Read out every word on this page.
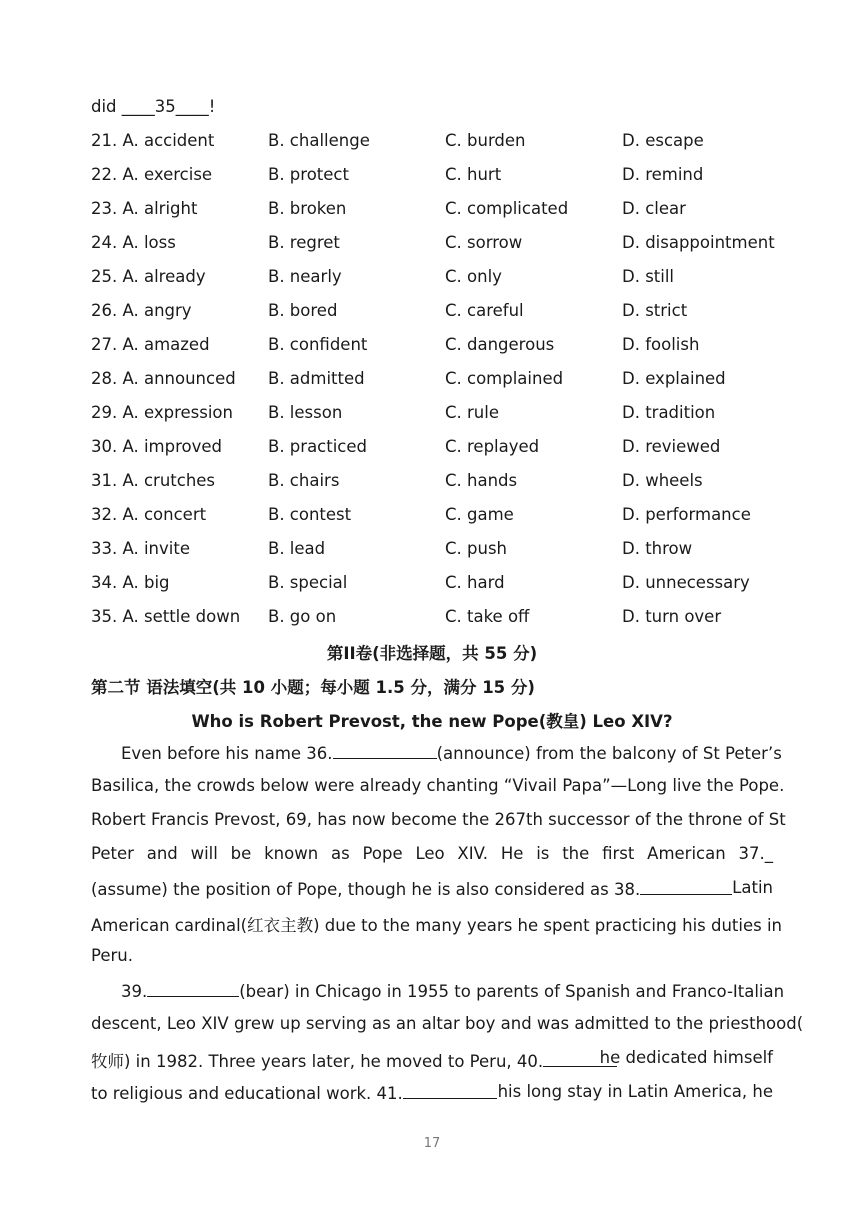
did ____35____!
21. A. accident	B. challenge	C. burden	D. escape
22. A. exercise	B. protect	C. hurt	D. remind
23. A. alright	B. broken	C. complicated	D. clear
24. A. loss	B. regret	C. sorrow	D. disappointment
25. A. already	B. nearly	C. only	D. still
26. A. angry	B. bored	C. careful	D. strict
27. A. amazed	B. confident	C. dangerous	D. foolish
28. A. announced B. admitted	C. complained	D. explained
29. A. expression B. lesson	C. rule	D. tradition
30. A. improved	B. practiced	C. replayed	D. reviewed
31. A. crutches	B. chairs	C. hands	D. wheels
32. A. concert	B. contest	C. game	D. performance
33. A. invite	B. lead	C. push	D. throw
34. A. big	B. special	C. hard	D. unnecessary
35. A. settle down B. go on	C. take off	D. turn over
第II卷(非选择题，共 55 分)
第二节 语法填空(共 10 小题；每小题 1.5 分，满分 15 分)
Who is Robert Prevost, the new Pope(教皇) Leo XIV?
Even before his name 36.	(announce) from the balcony of St Peter’s
Basilica, the crowds below were already chanting “Vivail Papa”—Long live the Pope.
Robert Francis Prevost, 69, has now become the 267th successor of the throne of St
Peter and will be known as Pope Leo XIV. He is the first American 37._
(assume) the position of Pope, though he is also considered as 38.	Latin
American cardinal(红衣主教) due to the many years he spent practicing his duties in
Peru.
39.	(bear) in Chicago in 1955 to parents of Spanish and Franco-Italian
descent, Leo XIV grew up serving as an altar boy and was admitted to the priesthood(
牧师) in 1982. Three years later, he moved to Peru, 40.	he dedicated himself
to religious and educational work. 41.	his long stay in Latin America, he
17
